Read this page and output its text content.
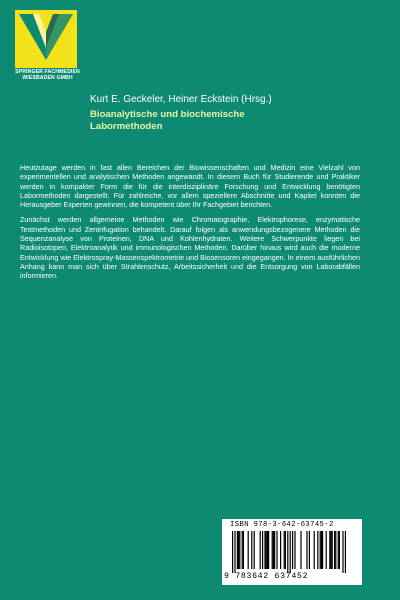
SPRINGER FACHMEDIEN
WIESBADEN GMBH
Kurt E. Geckeler, Heiner Eckstein (Hrsg.)
Bioanalytische und biochemische
Labormethoden

Heutzutage werden in fast allen Bereichen der Biowissenschaften und Medizin eine Vielzahl von experimentellen und analytischen Methoden angewandt. In diesem Buch für Studierende und Praktiker werden in kompakter Form die für die interdisziplinäre Forschung und Entwicklung benötigten Labormethoden dargestellt. Für zahlreiche, vor allem speziellere Abschnitte und Kapitel konnten die Herausgeber Experten gewinnen, die kompetent über Ihr Fachgebiet berichten.

Zunächst werden allgemeine Methoden wie Chromatographie, Elektrophorese, enzymatische Testmethoden und Zentrifugation behandelt. Darauf folgen als anwendungsbezogenere Methoden die Sequenzanalyse von Proteinen, DNA und Kohlenhydraten. Weitere Schwerpunkte liegen bei Radioisotopen, Elektroanalytik und immunologischen Methoden. Darüber hinaus wird auch die moderne Entwicklung wie Elektrospray-Massenspektrometrie und Biosensoren eingegangen. In einem ausführlichen Anhang kann man sich über Strahlenschutz, Arbeitssicherheit und die Entsorgung von Laborabfällen informieren.

ISBN 978-3-642-63745-2
9 783642 637452
